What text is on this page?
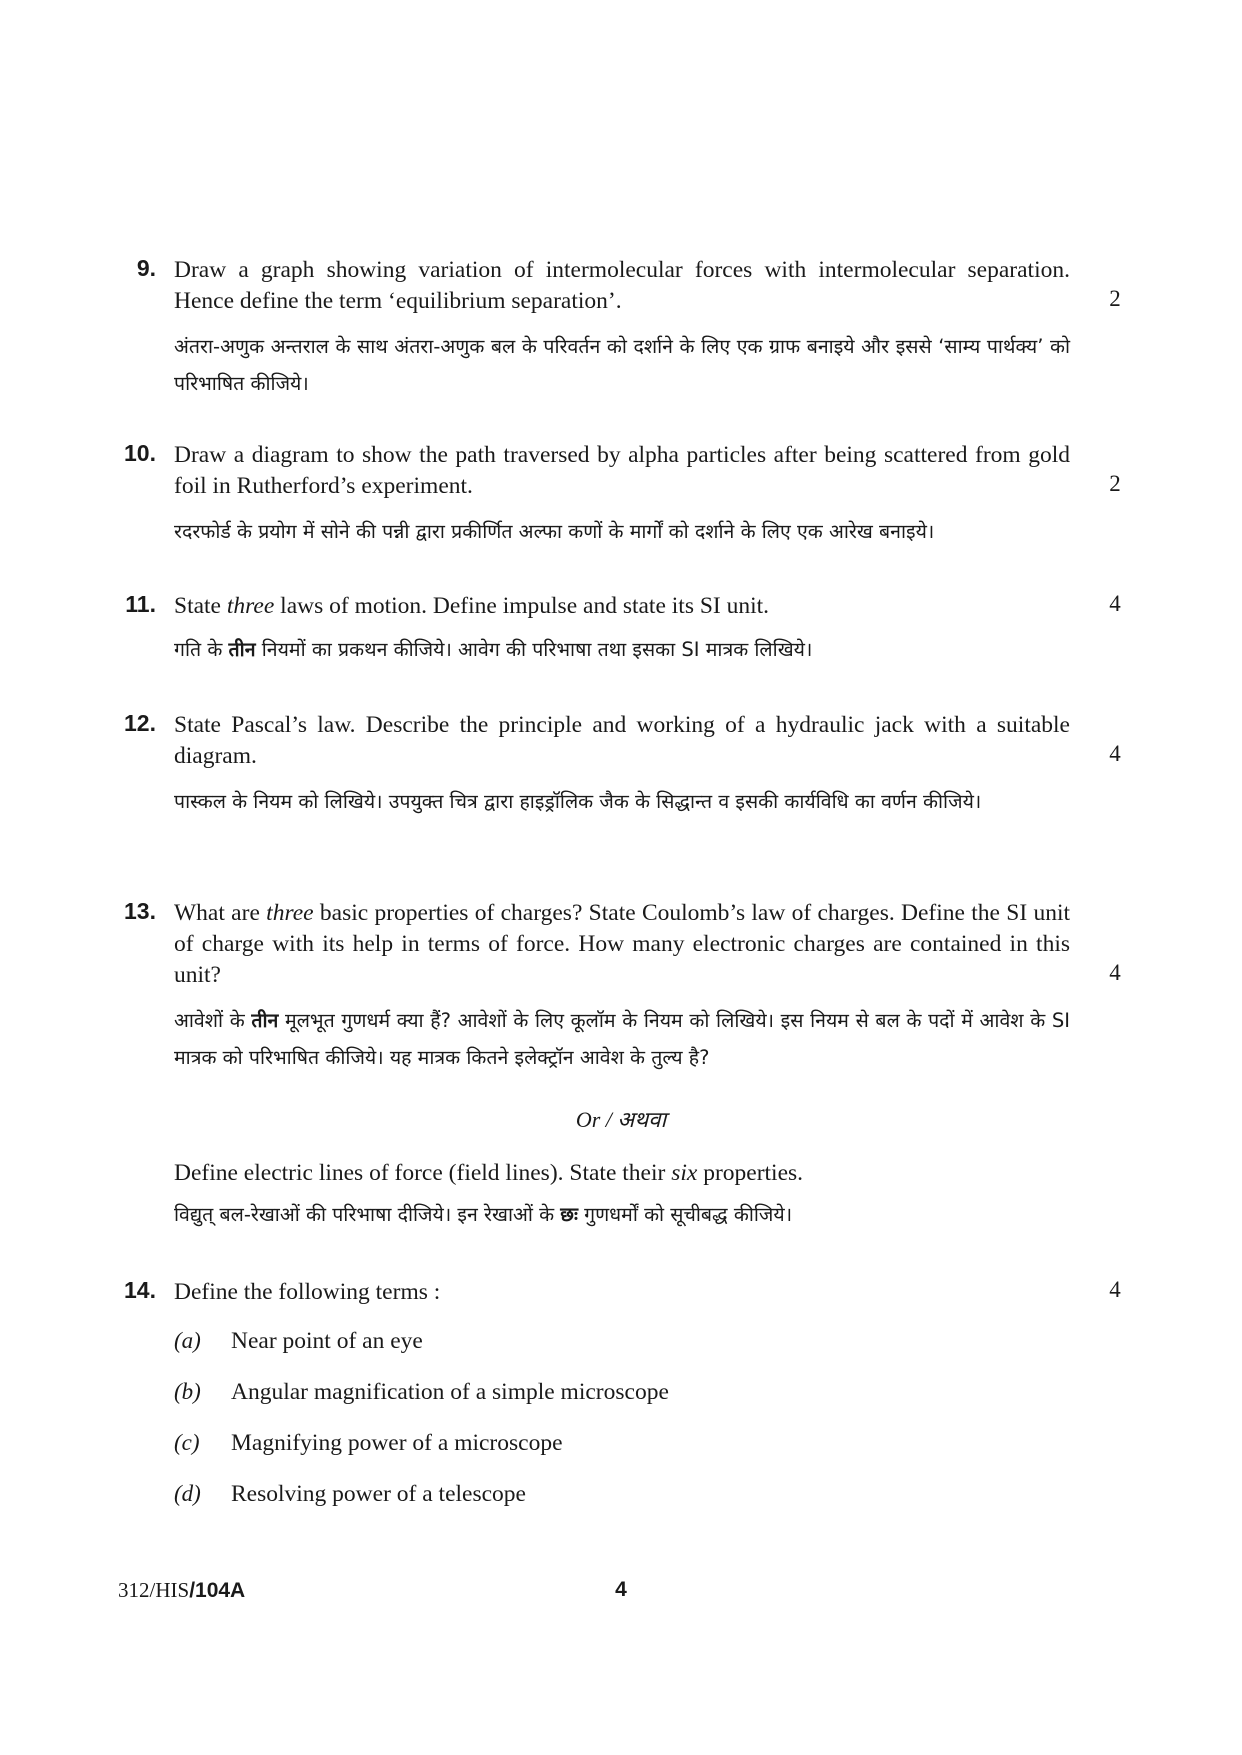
9. Draw a graph showing variation of intermolecular forces with intermolecular separation. Hence define the term ‘equilibrium separation’.	2
अंतरा-अणुक अन्तराल के साथ अंतरा-अणुक बल के परिवर्तन को दर्शाने के लिए एक ग्राफ बनाइये और इससे ‘साम्य पार्थक्य’ को परिभाषित कीजिये।
10. Draw a diagram to show the path traversed by alpha particles after being scattered from gold foil in Rutherford’s experiment.	2
रदरफोर्ड के प्रयोग में सोने की पन्नी द्वारा प्रकीर्णित अल्फा कणों के मार्गों को दर्शाने के लिए एक आरेख बनाइये।
11. State three laws of motion. Define impulse and state its SI unit.	4
गति के तीन नियमों का प्रकथन कीजिये। आवेग की परिभाषा तथा इसका SI मात्रक लिखिये।
12. State Pascal’s law. Describe the principle and working of a hydraulic jack with a suitable diagram.	4
पास्कल के नियम को लिखिये। उपयुक्त चित्र द्वारा हाइड्रॉलिक जैक के सिद्धान्त व इसकी कार्यविधि का वर्णन कीजिये।
13. What are three basic properties of charges? State Coulomb’s law of charges. Define the SI unit of charge with its help in terms of force. How many electronic charges are contained in this unit?	4
आवेशों के तीन मूलभूत गुणधर्म क्या हैं? आवेशों के लिए कूलॉम के नियम को लिखिये। इस नियम से बल के पदों में आवेश के SI मात्रक को परिभाषित कीजिये। यह मात्रक कितने इलेक्ट्रॉन आवेश के तुल्य है?
Or / अथवा
Define electric lines of force (field lines). State their six properties.
विद्युत् बल-रेखाओं की परिभाषा दीजिये। इन रेखाओं के छः गुणधर्मों को सूचीबद्ध कीजिये।
14. Define the following terms :	4
(a)	Near point of an eye
(b)	Angular magnification of a simple microscope
(c)	Magnifying power of a microscope
(d)	Resolving power of a telescope
312/HIS/104A	4
